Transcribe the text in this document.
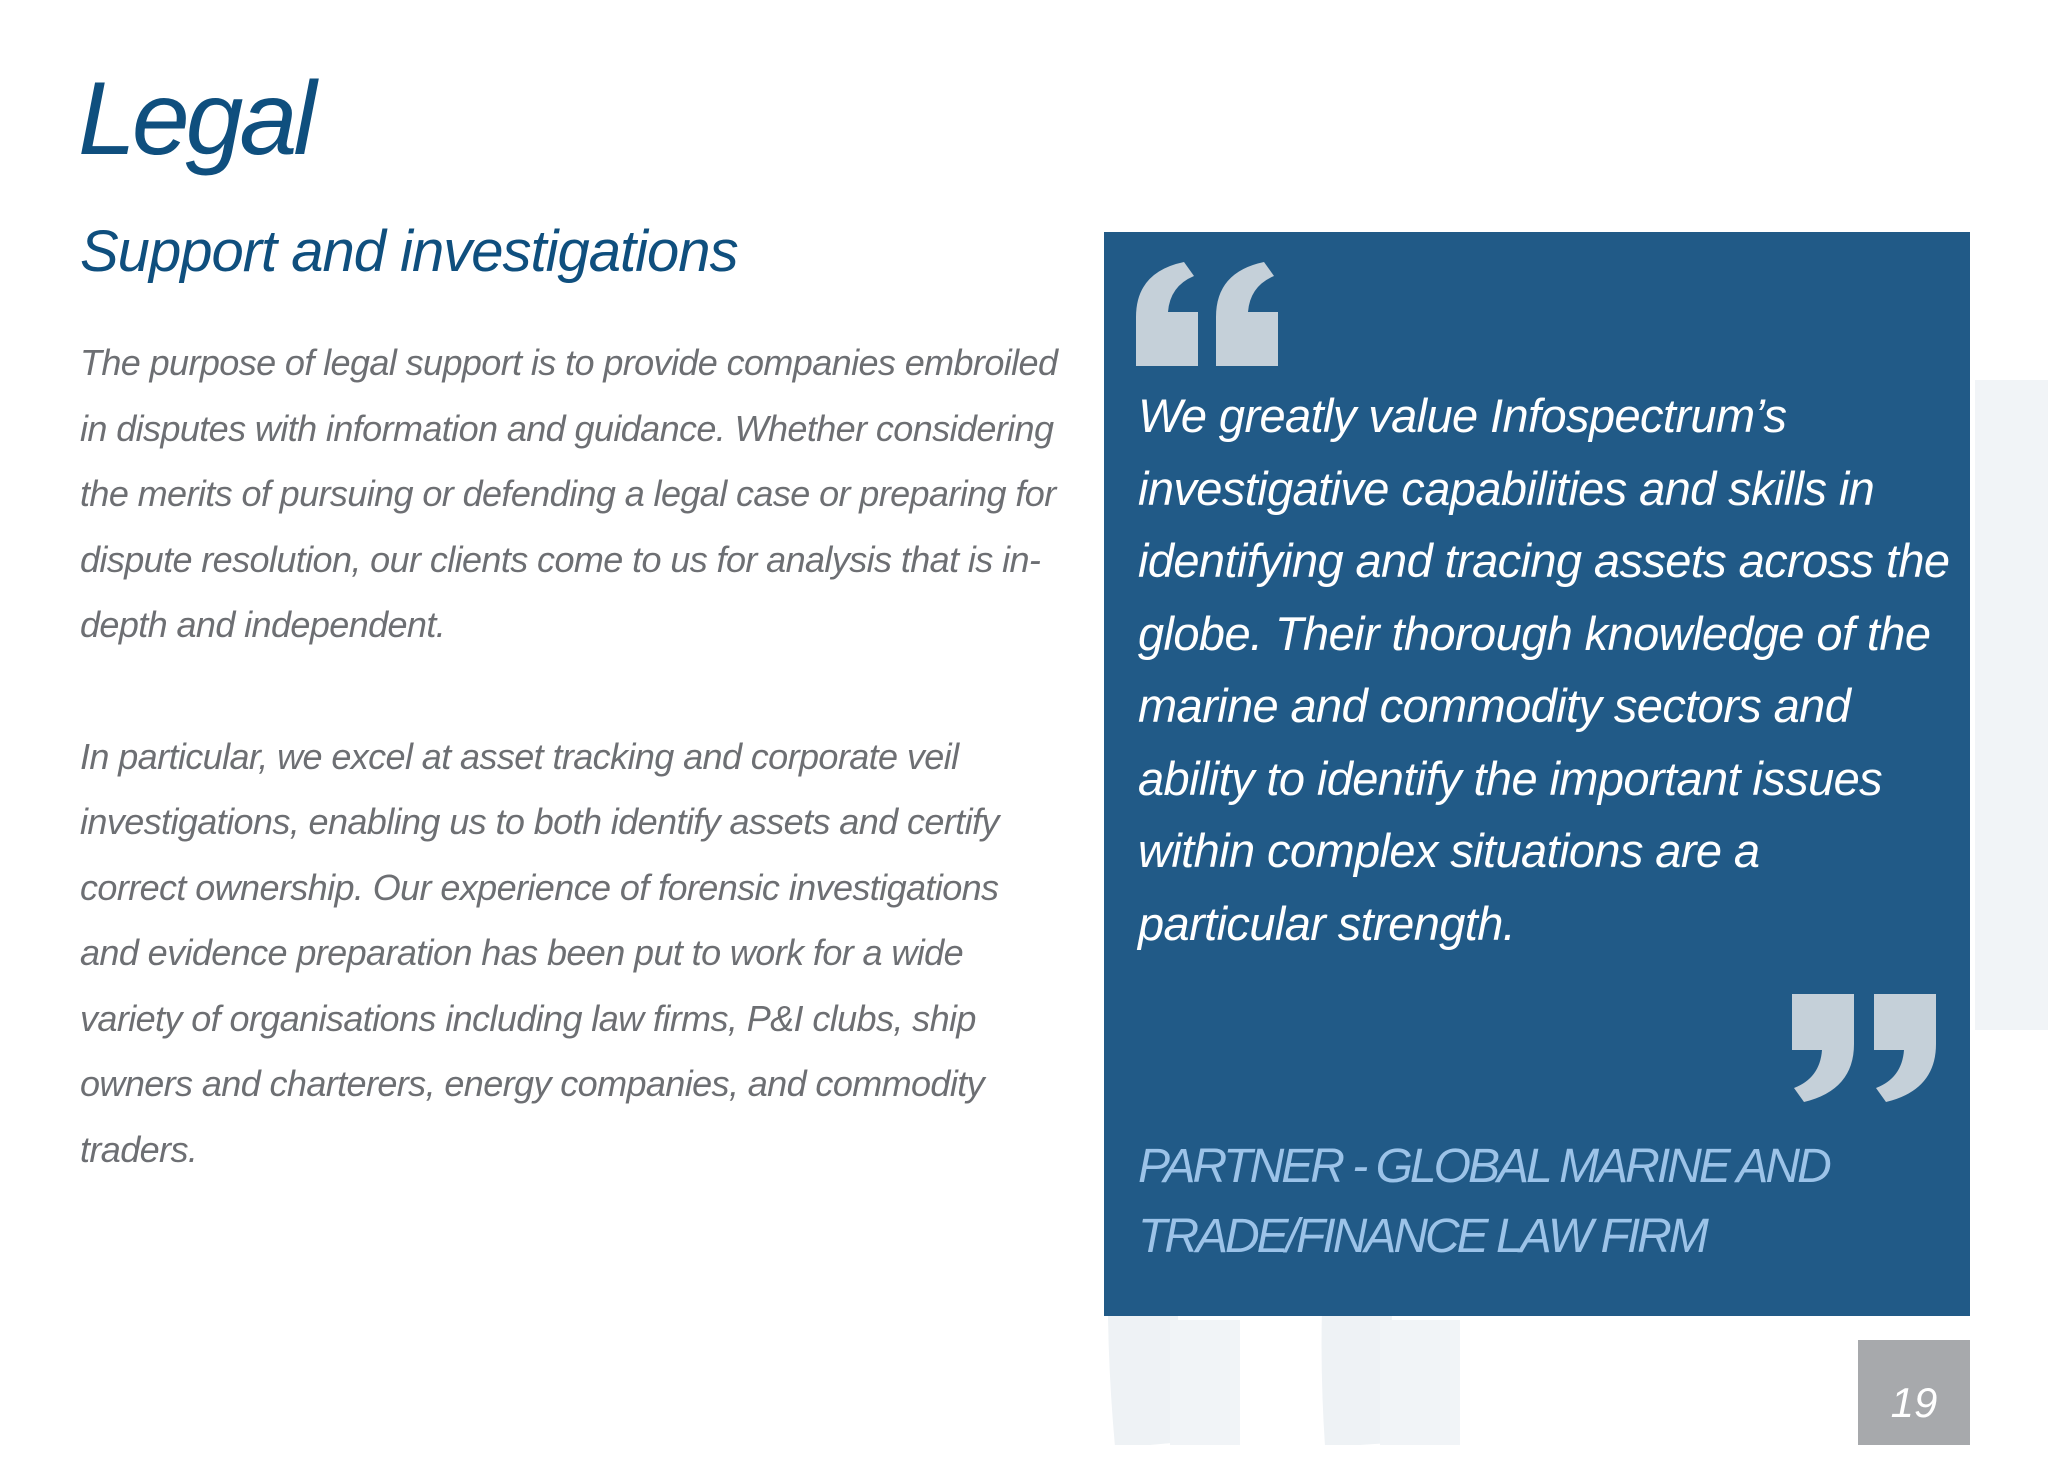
Legal
Support and investigations

The purpose of legal support is to provide companies embroiled in disputes with information and guidance. Whether considering the merits of pursuing or defending a legal case or preparing for dispute resolution, our clients come to us for analysis that is in-depth and independent.

In particular, we excel at asset tracking and corporate veil investigations, enabling us to both identify assets and certify correct ownership. Our experience of forensic investigations and evidence preparation has been put to work for a wide variety of organisations including law firms, P&I clubs, ship owners and charterers, energy companies, and commodity traders.

We greatly value Infospectrum’s investigative capabilities and skills in identifying and tracing assets across the globe. Their thorough knowledge of the marine and commodity sectors and ability to identify the important issues within complex situations are a particular strength.

PARTNER - GLOBAL MARINE AND TRADE/FINANCE LAW FIRM

19
